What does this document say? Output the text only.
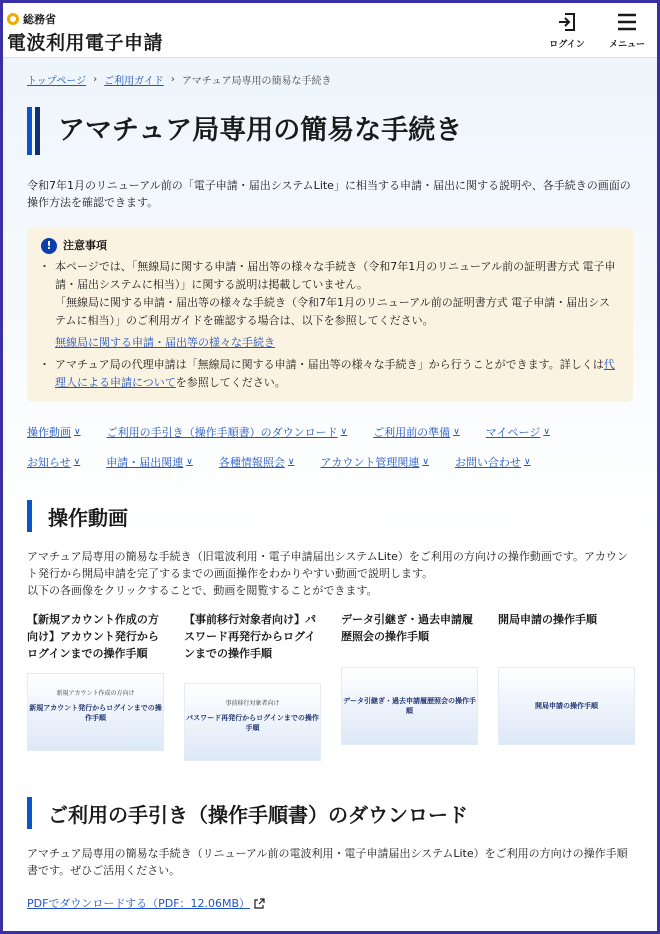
総務省
電波利用電子申請	ログイン	メニュー
トップページ › ご利用ガイド › アマチュア局専用の簡易な手続き
アマチュア局専用の簡易な手続き
令和7年1月のリニューアル前の「電子申請・届出システムLite」に相当する申請・届出に関する説明や、各手続きの画面の操作方法を確認できます。
!	注意事項

・ 本ページでは、「無線局に関する申請・届出等の様々な手続き（令和7年1月のリニューアル前の証明書方式 電子申請・届出システムに相当）」に関する説明は掲載していません。

「無線局に関する申請・届出等の様々な手続き（令和7年1月のリニューアル前の証明書方式 電子申請・届出システムに相当）」のご利用ガイドを確認する場合は、以下を参照してください。

無線局に関する申請・届出等の様々な手続き

・ アマチュア局の代理申請は「無線局に関する申請・届出等の様々な手続き」から行うことができます。詳しくは代理人による申請についてを参照してください。
操作動画 ∨ ご利用の手引き（操作手順書）のダウンロード ∨ ご利用前の準備 ∨ マイページ ∨
お知らせ ∨ 申請・届出関連 ∨ 各種情報照会 ∨ アカウント管理関連 ∨ お問い合わせ ∨
操作動画
アマチュア局専用の簡易な手続き（旧電波利用・電子申請届出システムLite）をご利用の方向けの操作動画です。アカウント発行から開局申請を完了するまでの画面操作をわかりやすい動画で説明します。
以下の各画像をクリックすることで、動画を閲覧することができます。
【新規アカウント作成の方向け】アカウント発行からログインまでの操作手順
新規アカウント作成の方向け
新規アカウント発行からログインまでの操作手順
【事前移行対象者向け】パスワード再発行からログインまでの操作手順
事前移行対象者向け
パスワード再発行からログインまでの操作手順
データ引継ぎ・過去申請履歴照会の操作手順
データ引継ぎ・過去申請履歴照会の操作手順
開局申請の操作手順
開局申請の操作手順
ご利用の手引き（操作手順書）のダウンロード
アマチュア局専用の簡易な手続き（リニューアル前の電波利用・電子申請届出システムLite）をご利用の方向けの操作手順書です。ぜひご活用ください。
PDFでダウンロードする（PDF：12.06MB）
